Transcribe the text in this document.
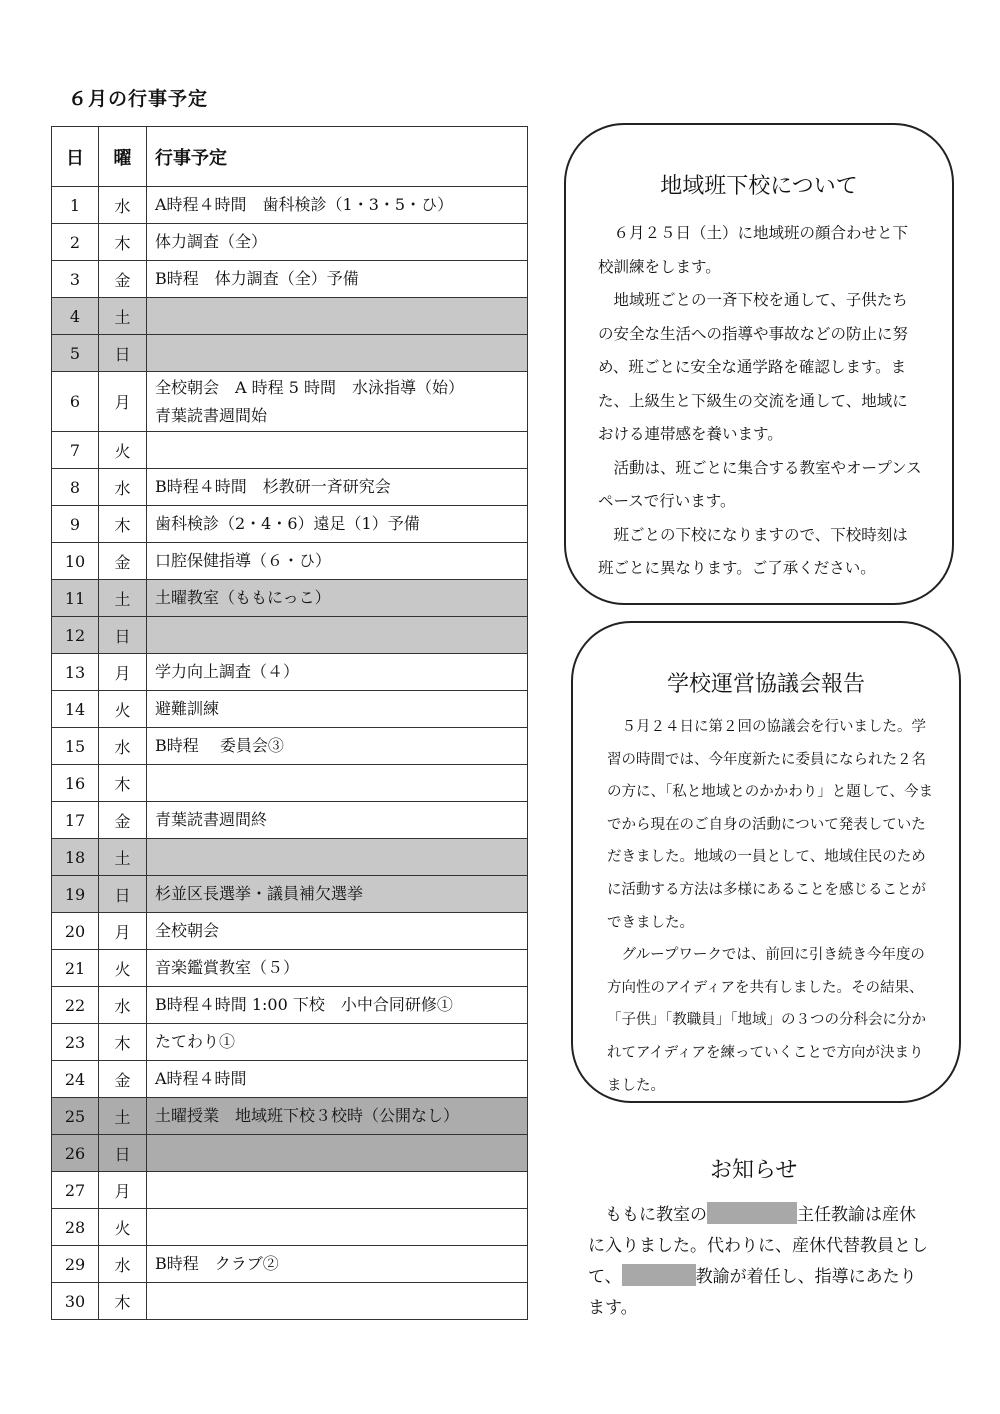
６月の行事予定
日	曜	行事予定
1	水	A時程４時間　歯科検診（1・3・5・ひ）

2	木	体力調査（全）

3	金	B時程　体力調査（全）予備

4	土	
5	日	
6	月	全校朝会　A 時程 5 時間　水泳指導（始）
青葉読書週間始

7	火	
8	水	B時程４時間　杉教研一斉研究会

9	木	歯科検診（2・4・6）遠足（1）予備

10	金	口腔保健指導（６・ひ）

11	土	土曜教室（ももにっこ）

12	日	
13	月	学力向上調査（４）

14	火	避難訓練

15	水	B時程　 委員会③

16	木	
17	金	青葉読書週間終

18	土	
19	日	杉並区長選挙・議員補欠選挙

20	月	全校朝会

21	火	音楽鑑賞教室（５）

22	水	B時程４時間 1:00 下校　小中合同研修①

23	木	たてわり①

24	金	A時程４時間

25	土	土曜授業　地域班下校３校時（公開なし）

26	日	
27	月	
28	火	
29	水	B時程　クラブ②

30	木	
地域班下校について

６月２５日（土）に地域班の顔合わせと下校訓練をします。

地域班ごとの一斉下校を通して、子供たちの安全な生活への指導や事故などの防止に努め、班ごとに安全な通学路を確認します。また、上級生と下級生の交流を通して、地域における連帯感を養います。

活動は、班ごとに集合する教室やオープンスペースで行います。

班ごとの下校になりますので、下校時刻は班ごとに異なります。ご了承ください。

学校運営協議会報告

５月２４日に第２回の協議会を行いました。学習の時間では、今年度新たに委員になられた２名の方に、「私と地域とのかかわり」と題して、今までから現在のご自身の活動について発表していただきました。地域の一員として、地域住民のために活動する方法は多様にあることを感じることができました。

グループワークでは、前回に引き続き今年度の方向性のアイディアを共有しました。その結果、「子供」「教職員」「地域」の３つの分科会に分かれてアイディアを練っていくことで方向が決まりました。

お知らせ
ももに教室の	主任教諭は産休に入りました。代わりに、産休代替教員として、	教諭が着任し、指導にあたります。
